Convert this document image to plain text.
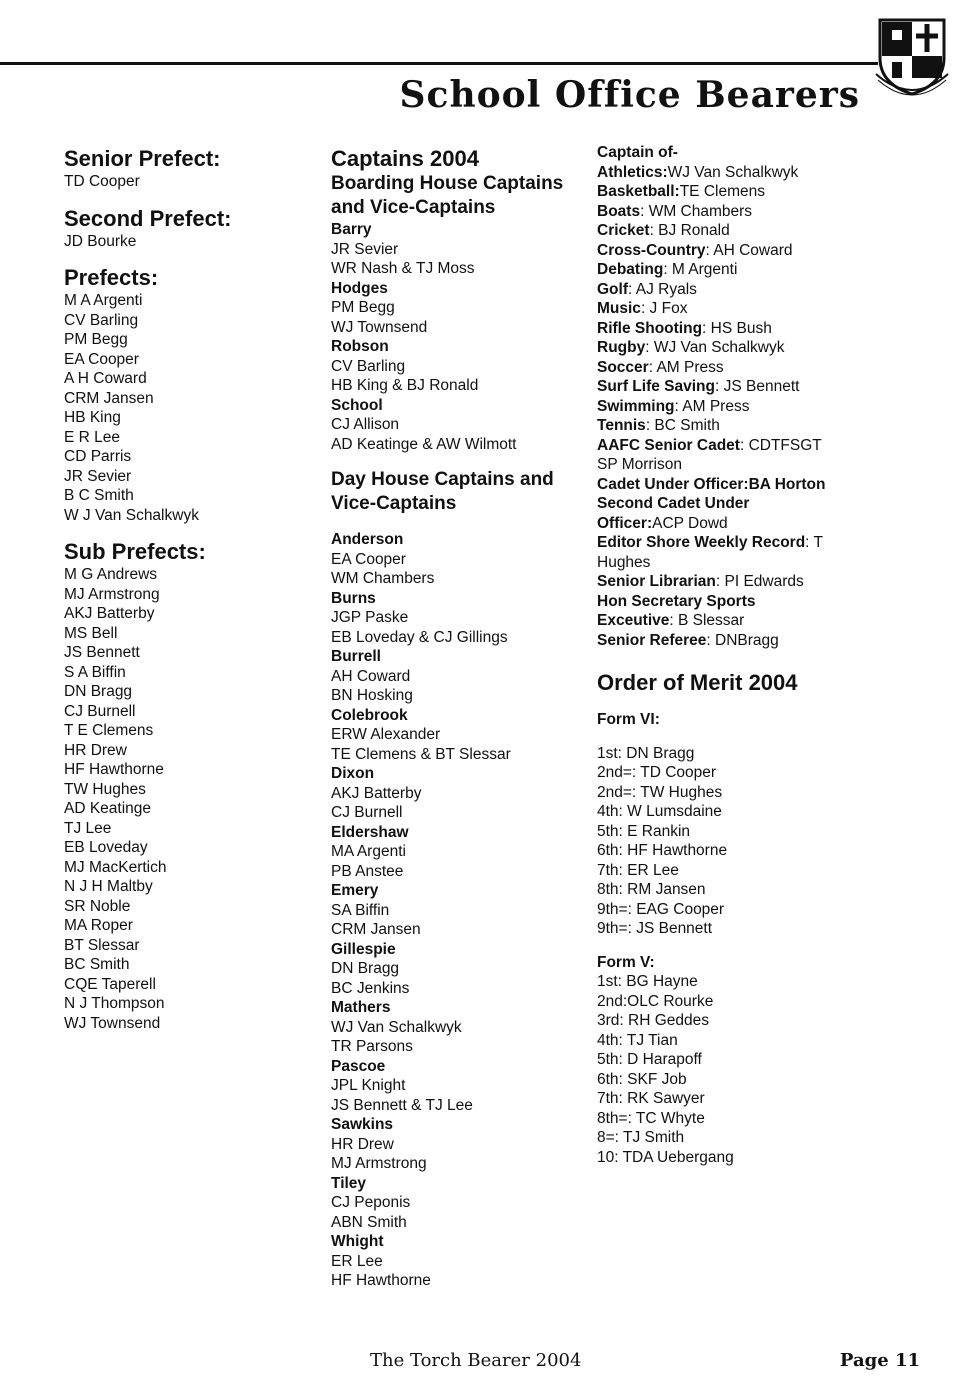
School Office Bearers
Senior Prefect:
TD Cooper
Second Prefect:
JD Bourke
Prefects:
M A Argenti
CV Barling
PM Begg
EA Cooper
A H Coward
CRM Jansen
HB King
E R Lee
CD Parris
JR Sevier
B C Smith
W J Van Schalkwyk
Sub Prefects:
M G Andrews
MJ Armstrong
AKJ Batterby
MS Bell
JS Bennett
S A Biffin
DN Bragg
CJ Burnell
T E Clemens
HR Drew
HF Hawthorne
TW Hughes
AD Keatinge
TJ Lee
EB Loveday
MJ MacKertich
N J H Maltby
SR Noble
MA Roper
BT Slessar
BC Smith
CQE Taperell
N J Thompson
WJ Townsend
Captains 2004
Boarding House Captains and Vice-Captains
Barry
JR Sevier
WR Nash & TJ Moss
Hodges
PM Begg
WJ Townsend
Robson
CV Barling
HB King & BJ Ronald
School
CJ Allison
AD Keatinge & AW Wilmott
Day House Captains and Vice-Captains
Anderson
EA Cooper
WM Chambers
Burns
JGP Paske
EB Loveday & CJ Gillings
Burrell
AH Coward
BN Hosking
Colebrook
ERW Alexander
TE Clemens & BT Slessar
Dixon
AKJ Batterby
CJ Burnell
Eldershaw
MA Argenti
PB Anstee
Emery
SA Biffin
CRM Jansen
Gillespie
DN Bragg
BC Jenkins
Mathers
WJ Van Schalkwyk
TR Parsons
Pascoe
JPL Knight
JS Bennett & TJ Lee
Sawkins
HR Drew
MJ Armstrong
Tiley
CJ Peponis
ABN Smith
Whight
ER Lee
HF Hawthorne
Captain of-
Athletics:WJ Van Schalkwyk
Basketball:TE Clemens
Boats: WM Chambers
Cricket: BJ Ronald
Cross-Country: AH Coward
Debating: M Argenti
Golf: AJ Ryals
Music: J Fox
Rifle Shooting: HS Bush
Rugby: WJ Van Schalkwyk
Soccer: AM Press
Surf Life Saving: JS Bennett
Swimming: AM Press
Tennis: BC Smith
AAFC Senior Cadet: CDTFSGT
SP Morrison
Cadet Under Officer:BA Horton
Second Cadet Under
Officer:ACP Dowd
Editor Shore Weekly Record: T
Hughes
Senior Librarian: PI Edwards
Hon Secretary Sports
Exceutive: B Slessar
Senior Referee: DNBragg
Order of Merit 2004
Form VI:
1st: DN Bragg
2nd=: TD Cooper
2nd=: TW Hughes
4th: W Lumsdaine
5th: E Rankin
6th: HF Hawthorne
7th: ER Lee
8th: RM Jansen
9th=: EAG Cooper
9th=: JS Bennett
Form V:
1st: BG Hayne
2nd:OLC Rourke
3rd: RH Geddes
4th: TJ Tian
5th: D Harapoff
6th: SKF Job
7th: RK Sawyer
8th=: TC Whyte
8=: TJ Smith
10: TDA Uebergang
The Torch Bearer 2004	Page 11
